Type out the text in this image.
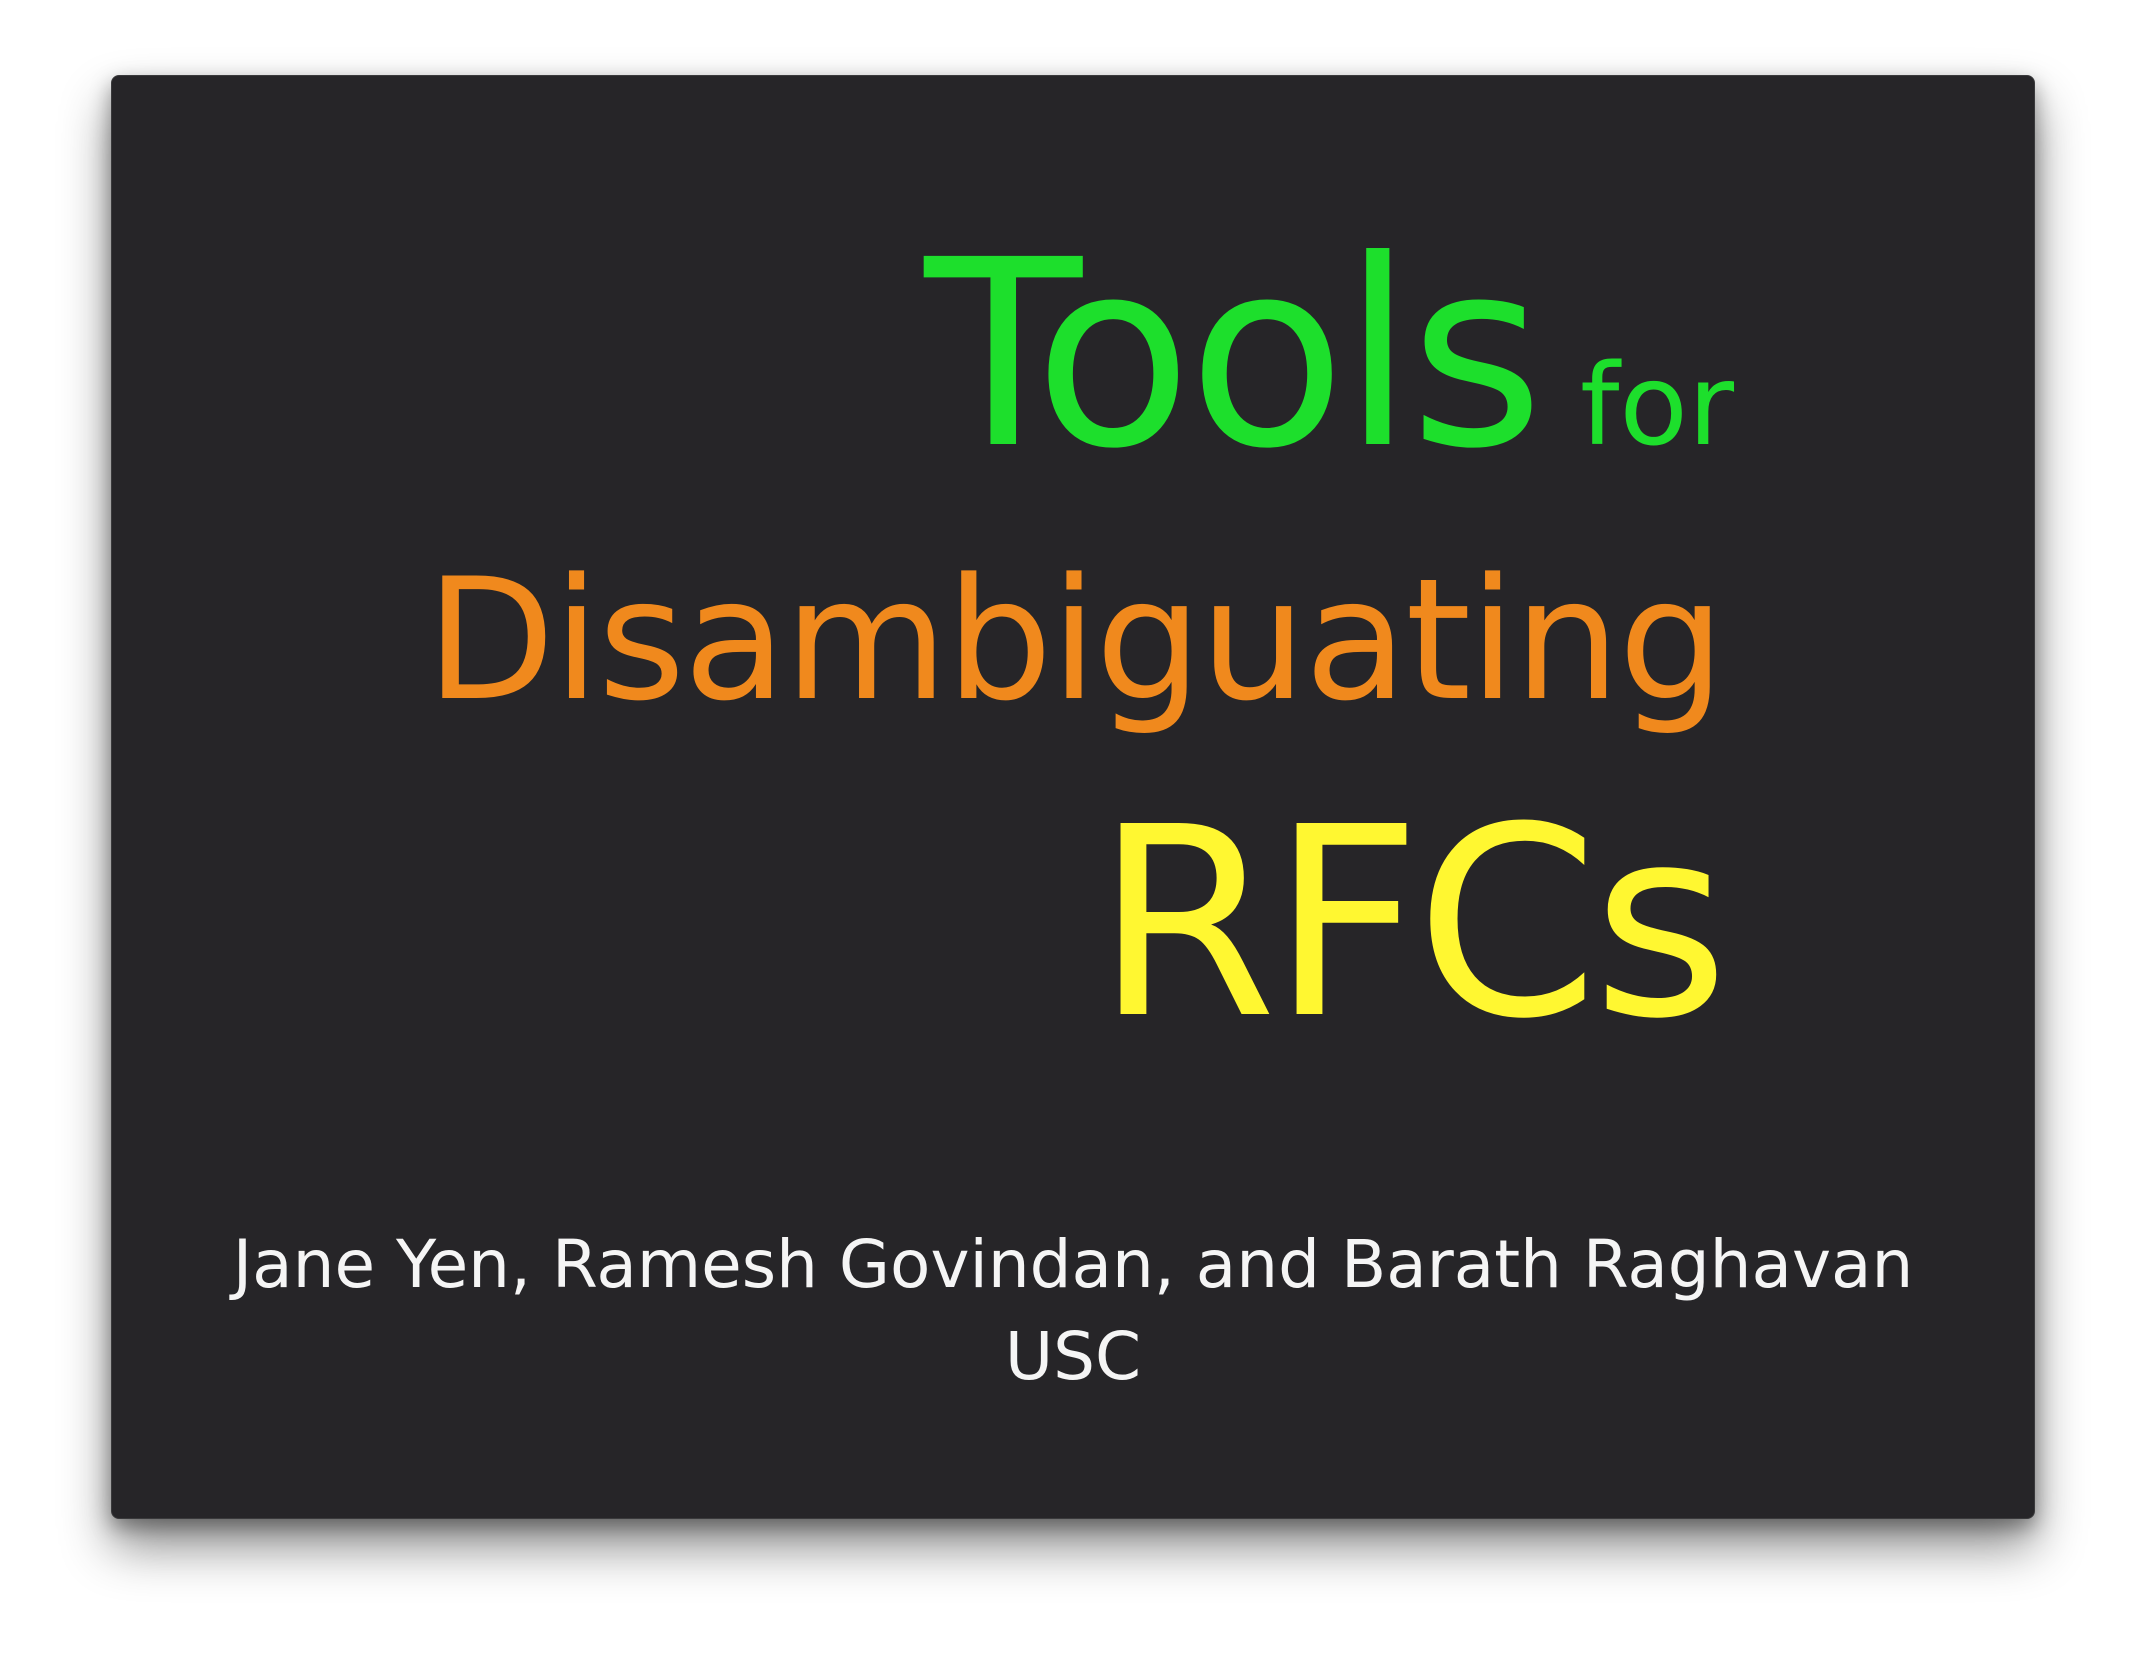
Tools for
Disambiguating
RFCs
Jane Yen, Ramesh Govindan, and Barath Raghavan
USC
